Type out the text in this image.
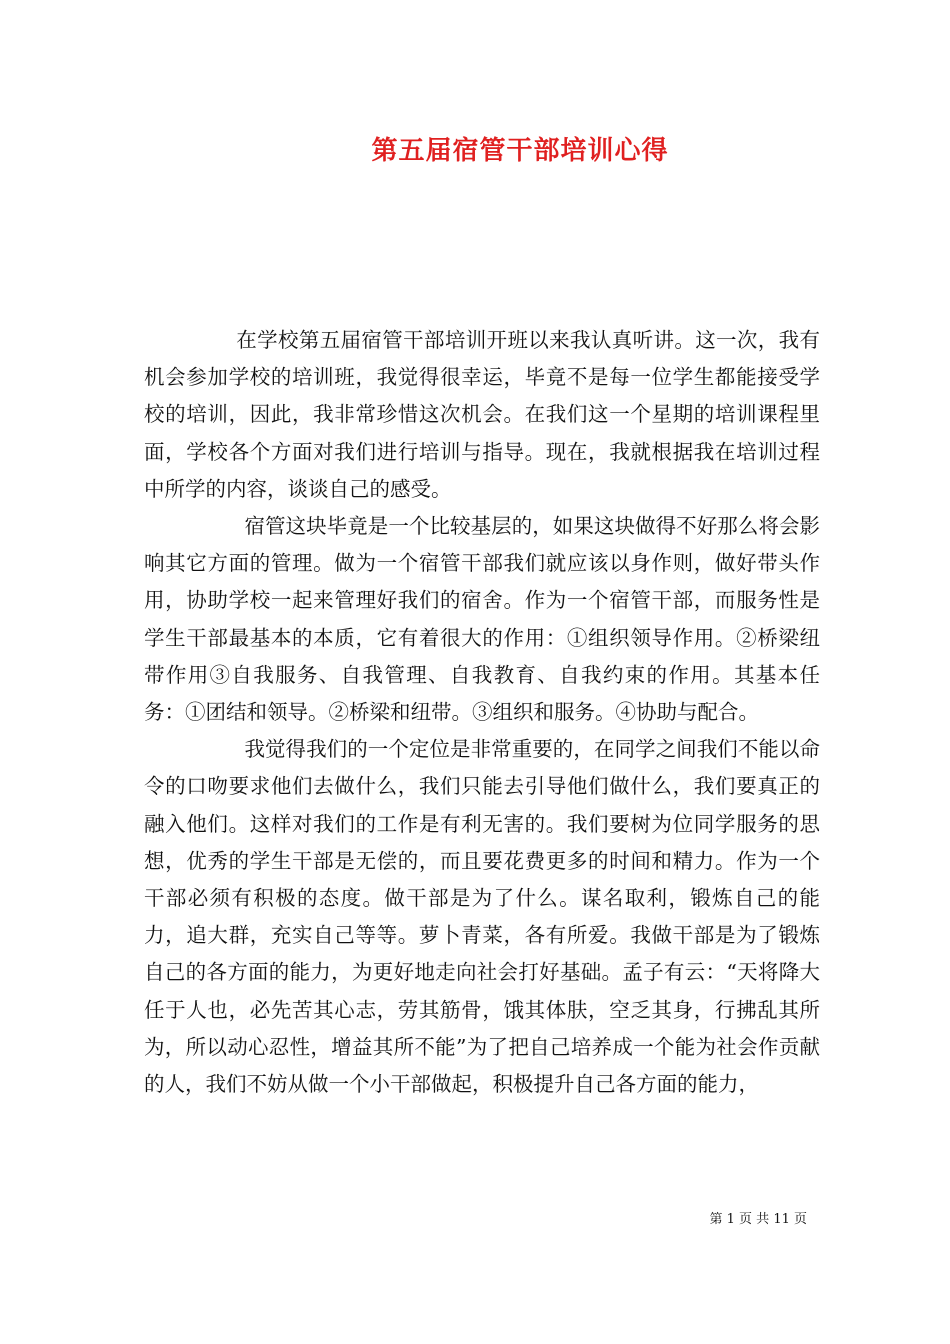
第五届宿管干部培训心得

在学校第五届宿管干部培训开班以来我认真听讲。这一次，我有机会参加学校的培训班，我觉得很幸运，毕竟不是每一位学生都能接受学校的培训，因此，我非常珍惜这次机会。在我们这一个星期的培训课程里面，学校各个方面对我们进行培训与指导。现在，我就根据我在培训过程中所学的内容，谈谈自己的感受。

宿管这块毕竟是一个比较基层的，如果这块做得不好那么将会影响其它方面的管理。做为一个宿管干部我们就应该以身作则，做好带头作用，协助学校一起来管理好我们的宿舍。作为一个宿管干部，而服务性是学生干部最基本的本质，它有着很大的作用：①组织领导作用。②桥梁纽带作用③自我服务、自我管理、自我教育、自我约束的作用。其基本任务：①团结和领导。②桥梁和纽带。③组织和服务。④协助与配合。

我觉得我们的一个定位是非常重要的，在同学之间我们不能以命令的口吻要求他们去做什么，我们只能去引导他们做什么，我们要真正的融入他们。这样对我们的工作是有利无害的。我们要树为位同学服务的思想，优秀的学生干部是无偿的，而且要花费更多的时间和精力。作为一个干部必须有积极的态度。做干部是为了什么。谋名取利，锻炼自己的能力，追大群，充实自己等等。萝卜青菜，各有所爱。我做干部是为了锻炼自己的各方面的能力，为更好地走向社会打好基础。孟子有云：“天将降大任于人也，必先苦其心志，劳其筋骨，饿其体肤，空乏其身，行拂乱其所为，所以动心忍性，增益其所不能”为了把自己培养成一个能为社会作贡献的人，我们不妨从做一个小干部做起，积极提升自己各方面的能力，

第 1 页 共 11 页
